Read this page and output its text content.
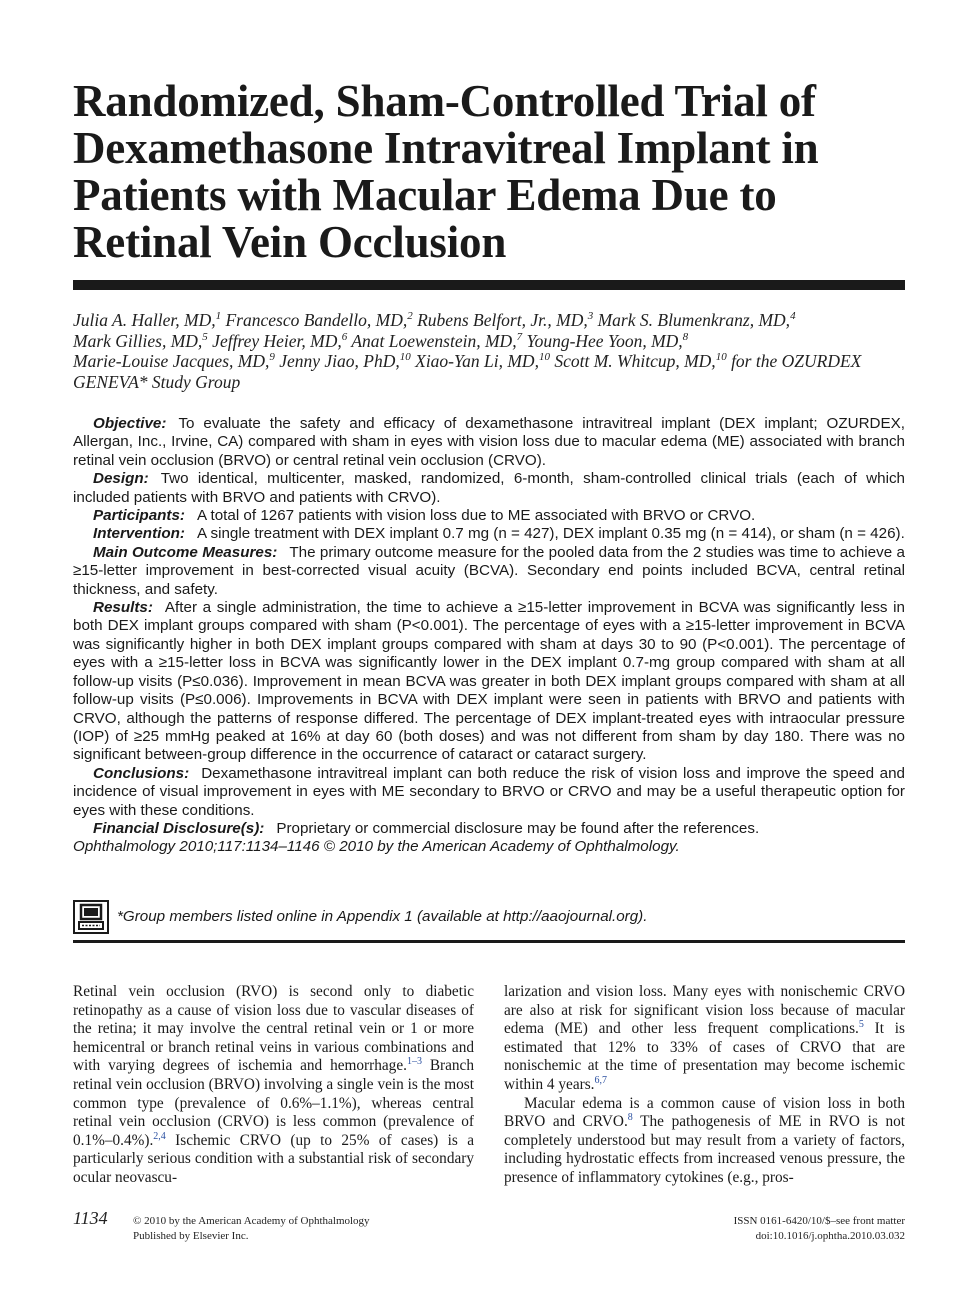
Randomized, Sham-Controlled Trial of Dexamethasone Intravitreal Implant in Patients with Macular Edema Due to Retinal Vein Occlusion
Julia A. Haller, MD,$^1$ Francesco Bandello, MD,$^2$ Rubens Belfort, Jr., MD,$^3$ Mark S. Blumenkranz, MD,$^4$
Mark Gillies, MD,$^5$ Jeffrey Heier, MD,$^6$ Anat Loewenstein, MD,$^7$ Young-Hee Yoon, MD,$^8$
Marie-Louise Jacques, MD,$^9$ Jenny Jiao, PhD,$^{10}$ Xiao-Yan Li, MD,$^{10}$ Scott M. Whitcup, MD,$^{10}$ for the OZURDEX GENEVA* Study Group

Objective: To evaluate the safety and efficacy of dexamethasone intravitreal implant (DEX implant; OZURDEX, Allergan, Inc., Irvine, CA) compared with sham in eyes with vision loss due to macular edema (ME) associated with branch retinal vein occlusion (BRVO) or central retinal vein occlusion (CRVO).

Design: Two identical, multicenter, masked, randomized, 6-month, sham-controlled clinical trials (each of which included patients with BRVO and patients with CRVO).

Participants: A total of 1267 patients with vision loss due to ME associated with BRVO or CRVO.

Intervention: A single treatment with DEX implant 0.7 mg (n = 427), DEX implant 0.35 mg (n = 414), or sham (n = 426).

Main Outcome Measures: The primary outcome measure for the pooled data from the 2 studies was time to achieve a ≥15-letter improvement in best-corrected visual acuity (BCVA). Secondary end points included BCVA, central retinal thickness, and safety.

Results: After a single administration, the time to achieve a ≥15-letter improvement in BCVA was significantly less in both DEX implant groups compared with sham (P<0.001). The percentage of eyes with a ≥15-letter improvement in BCVA was significantly higher in both DEX implant groups compared with sham at days 30 to 90 (P<0.001). The percentage of eyes with a ≥15-letter loss in BCVA was significantly lower in the DEX implant 0.7-mg group compared with sham at all follow-up visits (P≤0.036). Improvement in mean BCVA was greater in both DEX implant groups compared with sham at all follow-up visits (P≤0.006). Improvements in BCVA with DEX implant were seen in patients with BRVO and patients with CRVO, although the patterns of response differed. The percentage of DEX implant-treated eyes with intraocular pressure (IOP) of ≥25 mmHg peaked at 16% at day 60 (both doses) and was not different from sham by day 180. There was no significant between-group difference in the occurrence of cataract or cataract surgery.

Conclusions: Dexamethasone intravitreal implant can both reduce the risk of vision loss and improve the speed and incidence of visual improvement in eyes with ME secondary to BRVO or CRVO and may be a useful therapeutic option for eyes with these conditions.

Financial Disclosure(s): Proprietary or commercial disclosure may be found after the references.

Ophthalmology 2010;117:1134–1146 © 2010 by the American Academy of Ophthalmology.

*Group members listed online in Appendix 1 (available at http://aaojournal.org).

Retinal vein occlusion (RVO) is second only to diabetic retinopathy as a cause of vision loss due to vascular diseases of the retina; it may involve the central retinal vein or 1 or more hemicentral or branch retinal veins in various combinations and with varying degrees of ischemia and hemorrhage.$^{1-3}$ Branch retinal vein occlusion (BRVO) involving a single vein is the most common type (prevalence of 0.6%–1.1%), whereas central retinal vein occlusion (CRVO) is less common (prevalence of 0.1%–0.4%).$^{2,4}$ Ischemic CRVO (up to 25% of cases) is a particularly serious condition with a substantial risk of secondary ocular neovascu-

larization and vision loss. Many eyes with nonischemic CRVO are also at risk for significant vision loss because of macular edema (ME) and other less frequent complications.$^5$ It is estimated that 12% to 33% of cases of CRVO that are nonischemic at the time of presentation may become ischemic within 4 years.$^{6,7}$

Macular edema is a common cause of vision loss in both BRVO and CRVO.$^8$ The pathogenesis of ME in RVO is not completely understood but may result from a variety of factors, including hydrostatic effects from increased venous pressure, the presence of inflammatory cytokines (e.g., pros-

1134 © 2010 by the American Academy of Ophthalmology
Published by Elsevier Inc.
ISSN 0161-6420/10/$–see front matter
doi:10.1016/j.ophtha.2010.03.032
